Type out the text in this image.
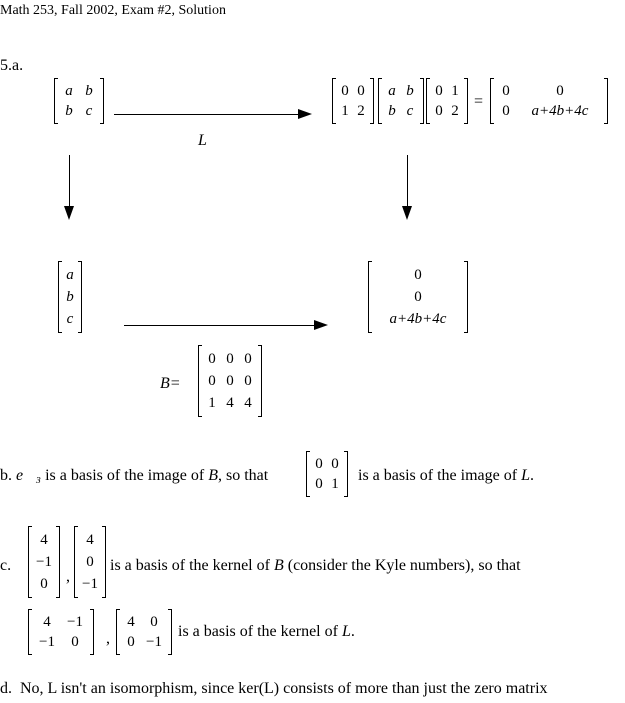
Math 253, Fall 2002, Exam #2, Solution
5.a.
a b
b c
L
0 0
1 2
a b
b c
0 1
0 2
=
0	0
0	a+4b+4c
a
b
c
0
0
a+4b+4c
B=
0 0 0
0 0 0
1 4 4
b. e⃗₃ is a basis of the image of B, so that
0 0
0 1 is a basis of the image of L.
c.
4
−1
0	,
4
0
−1
is a basis of the kernel of B (consider the Kyle numbers), so that
4	−1
−1	0	,
4	0
0 −1
is a basis of the kernel of L.
d. No, L isn't an isomorphism, since ker(L) consists of more than just the zero matrix
